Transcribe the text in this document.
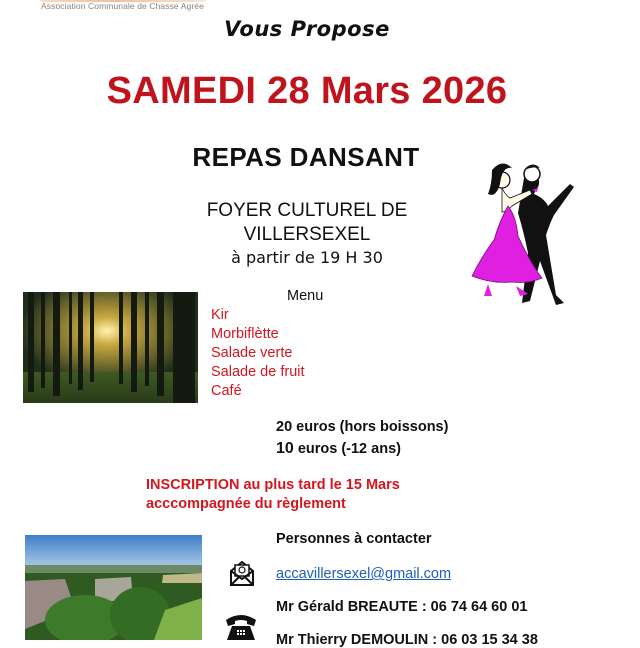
Association Communale de Chasse Agrée
Vous Propose
SAMEDI 28 Mars 2026
REPAS DANSANT
FOYER CULTUREL DE VILLERSEXEL
à partir de 19 H 30
Menu
Kir
Morbiflètte
Salade verte
Salade de fruit
Café
20 euros (hors boissons)
10 euros (-12 ans)
INSCRIPTION au plus tard le 15 Mars
acccompagnée du règlement
Personnes à contacter
accavillersexel@gmail.com
Mr Gérald BREAUTE : 06 74 64 60 01
Mr Thierry DEMOULIN : 06 03 15 34 38
